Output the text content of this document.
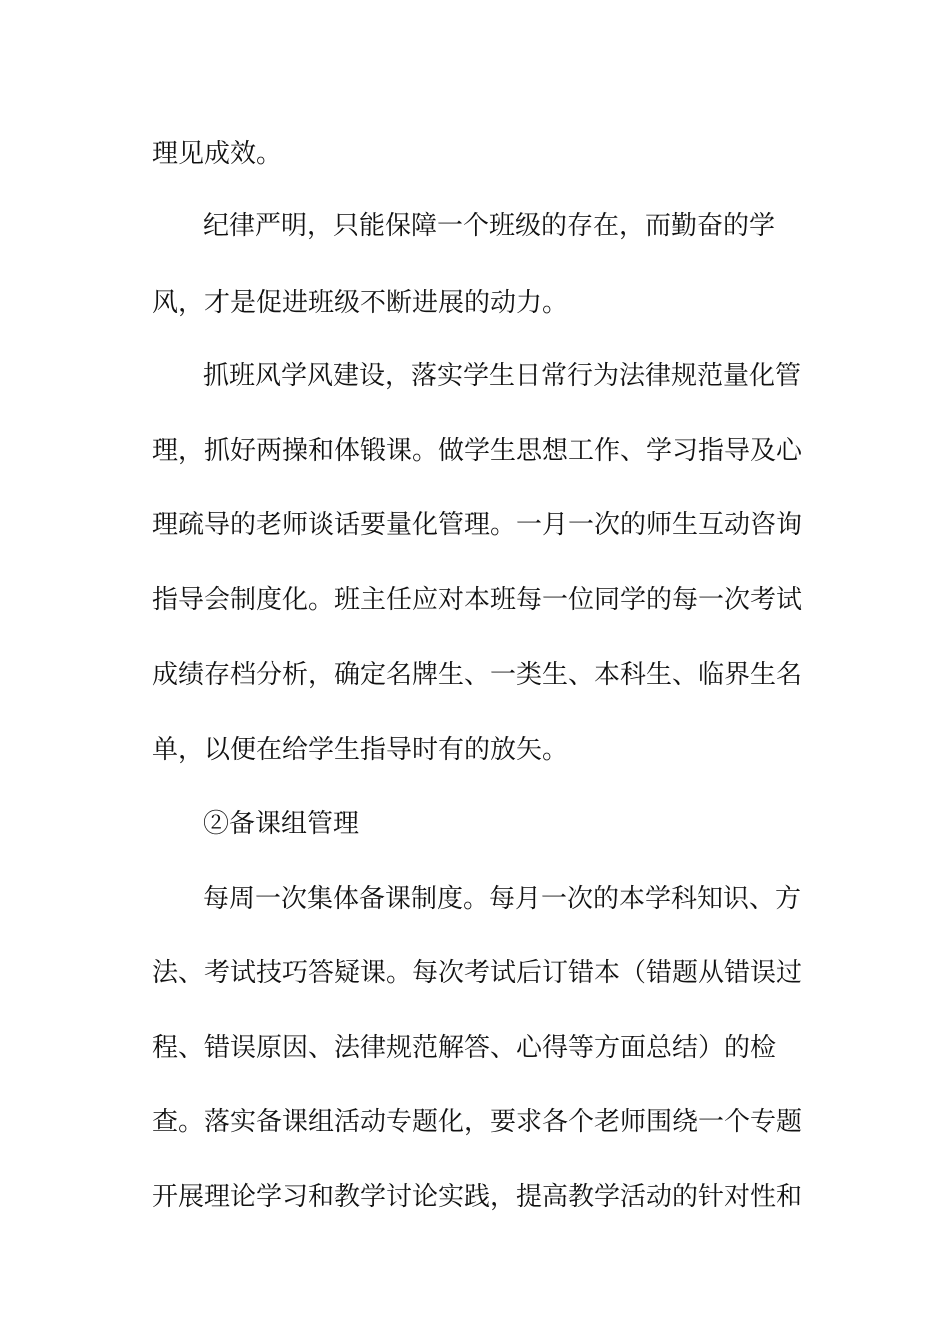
理见成效。
纪律严明，只能保障一个班级的存在，而勤奋的学
风，才是促进班级不断进展的动力。
抓班风学风建设，落实学生日常行为法律规范量化管
理，抓好两操和体锻课。做学生思想工作、学习指导及心
理疏导的老师谈话要量化管理。一月一次的师生互动咨询
指导会制度化。班主任应对本班每一位同学的每一次考试
成绩存档分析，确定名牌生、一类生、本科生、临界生名
单，以便在给学生指导时有的放矢。
②备课组管理
每周一次集体备课制度。每月一次的本学科知识、方
法、考试技巧答疑课。每次考试后订错本（错题从错误过
程、错误原因、法律规范解答、心得等方面总结）的检
查。落实备课组活动专题化，要求各个老师围绕一个专题
开展理论学习和教学讨论实践，提高教学活动的针对性和
